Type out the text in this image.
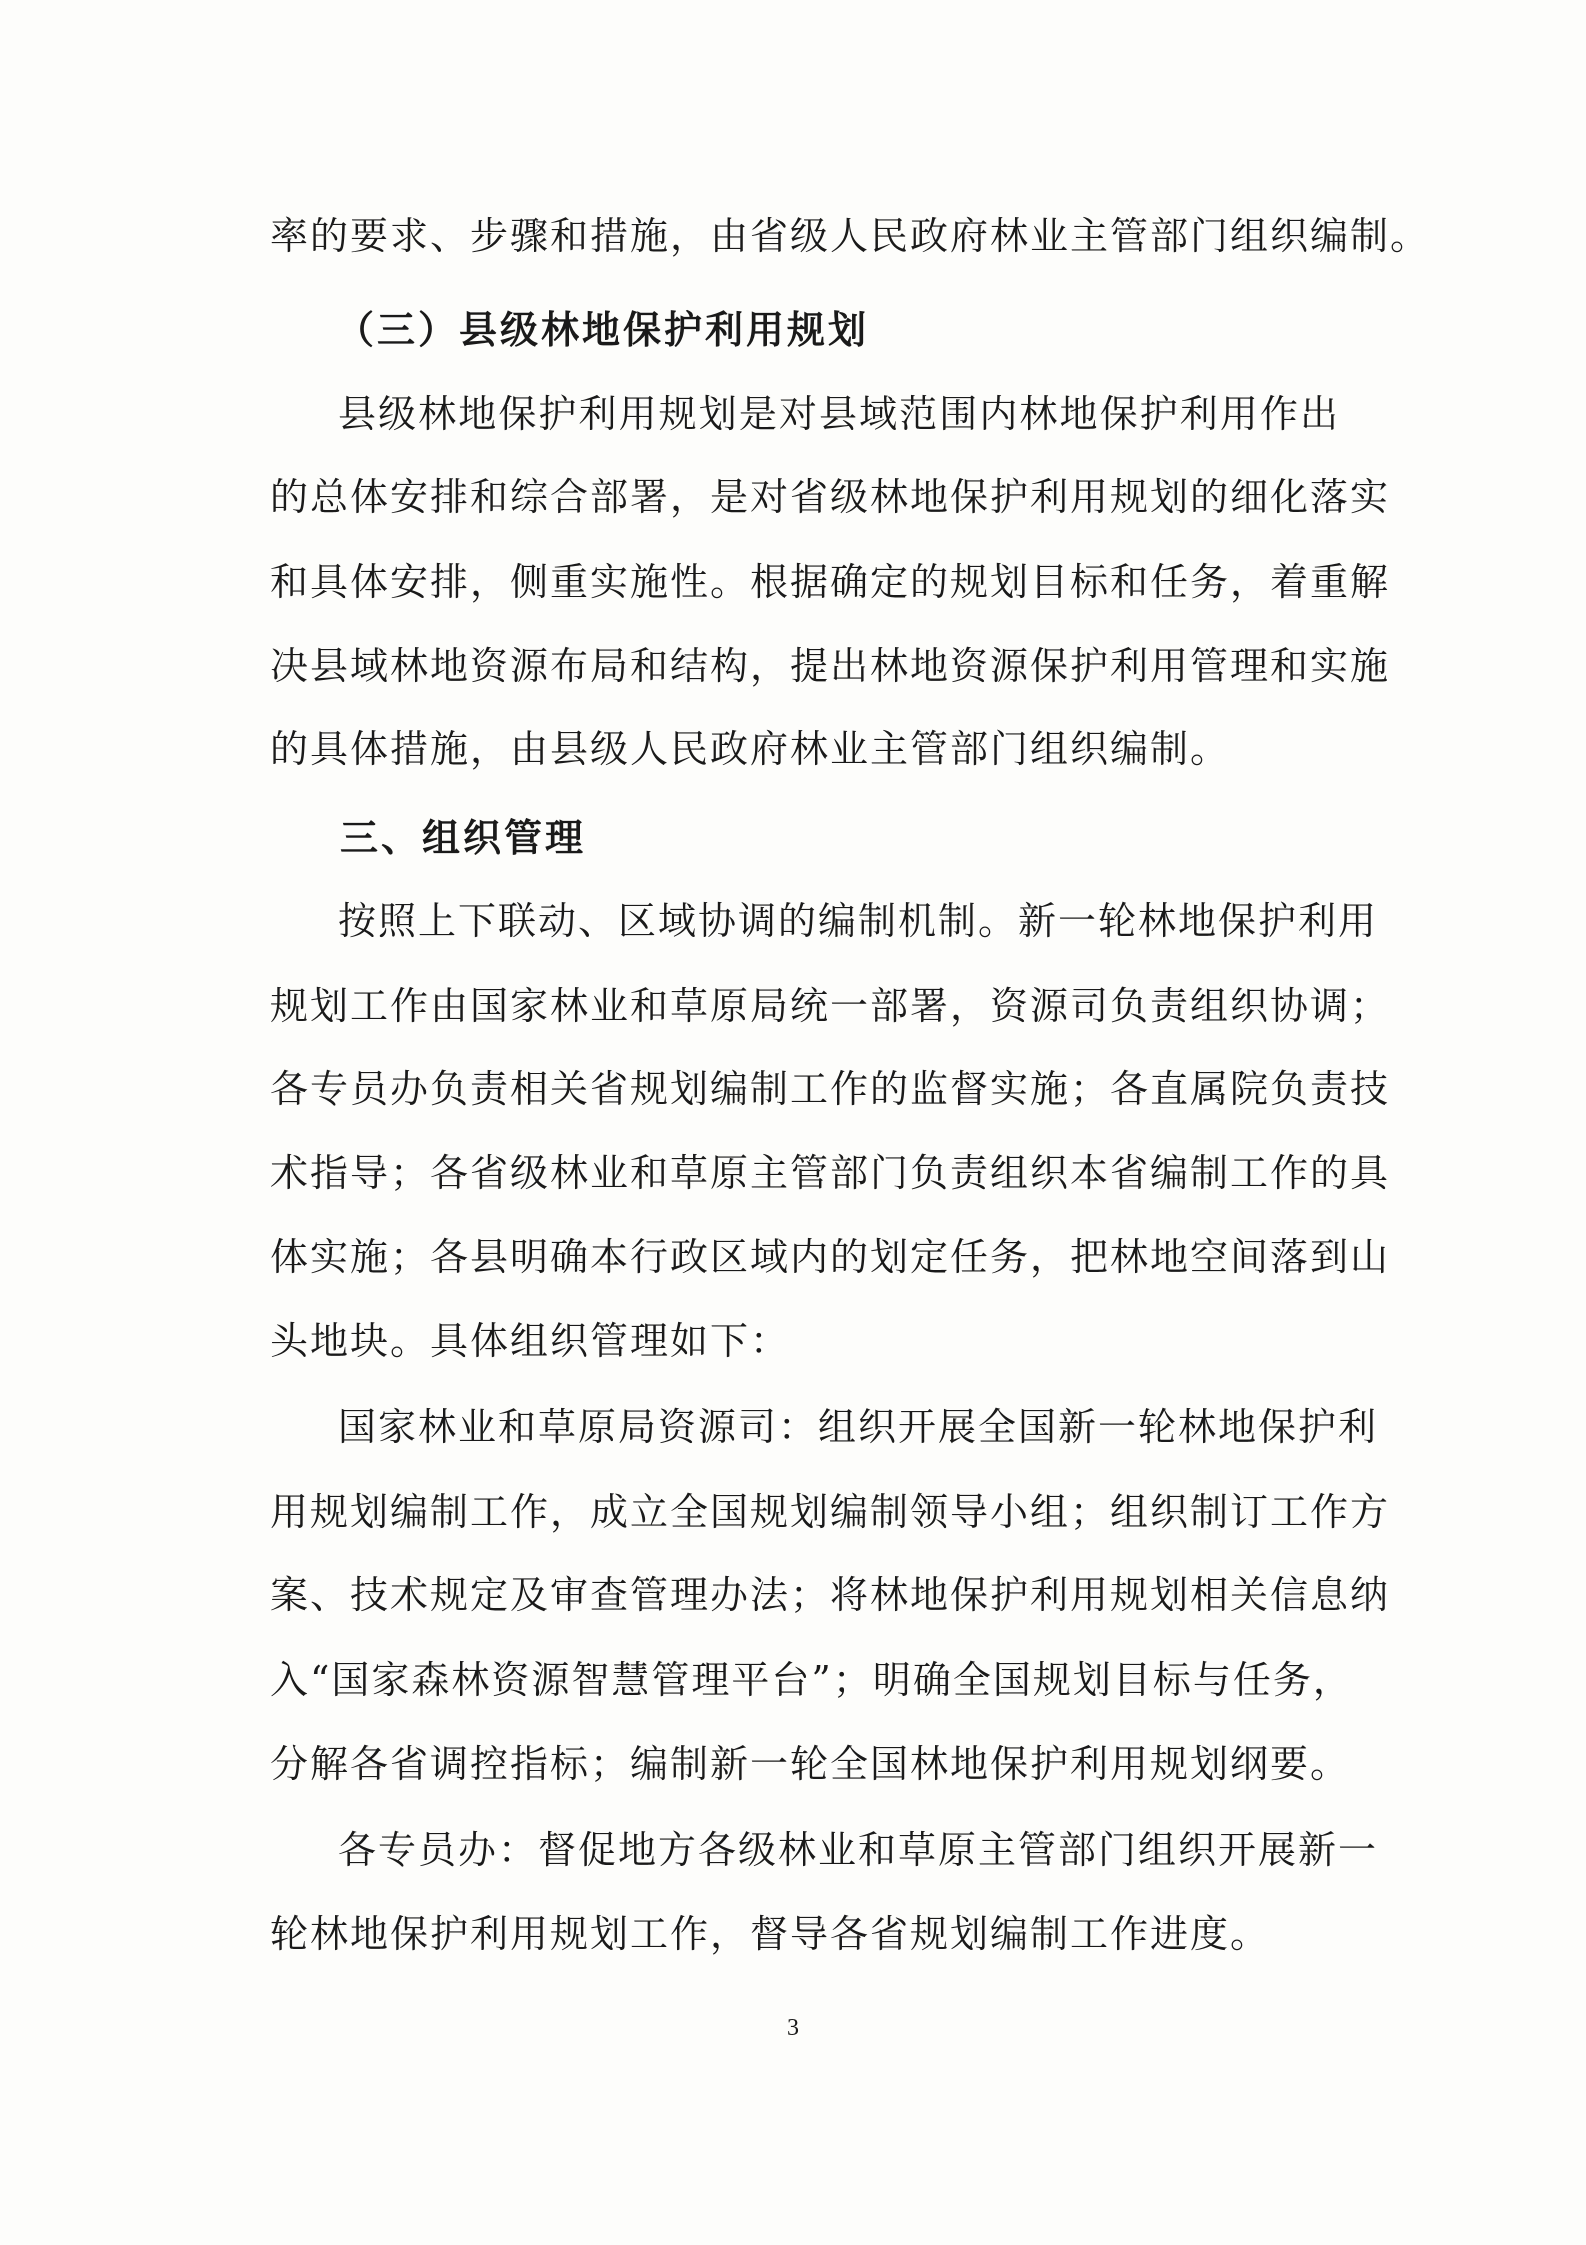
率的要求、步骤和措施，由省级人民政府林业主管部门组织编制。
（三）县级林地保护利用规划
县级林地保护利用规划是对县域范围内林地保护利用作出
的总体安排和综合部署，是对省级林地保护利用规划的细化落实
和具体安排，侧重实施性。根据确定的规划目标和任务，着重解
决县域林地资源布局和结构，提出林地资源保护利用管理和实施
的具体措施，由县级人民政府林业主管部门组织编制。
三、组织管理
按照上下联动、区域协调的编制机制。新一轮林地保护利用
规划工作由国家林业和草原局统一部署，资源司负责组织协调；
各专员办负责相关省规划编制工作的监督实施；各直属院负责技
术指导；各省级林业和草原主管部门负责组织本省编制工作的具
体实施；各县明确本行政区域内的划定任务，把林地空间落到山
头地块。具体组织管理如下：
国家林业和草原局资源司：组织开展全国新一轮林地保护利
用规划编制工作，成立全国规划编制领导小组；组织制订工作方
案、技术规定及审查管理办法；将林地保护利用规划相关信息纳
入“国家森林资源智慧管理平台”；明确全国规划目标与任务，
分解各省调控指标；编制新一轮全国林地保护利用规划纲要。
各专员办：督促地方各级林业和草原主管部门组织开展新一
轮林地保护利用规划工作，督导各省规划编制工作进度。
3
